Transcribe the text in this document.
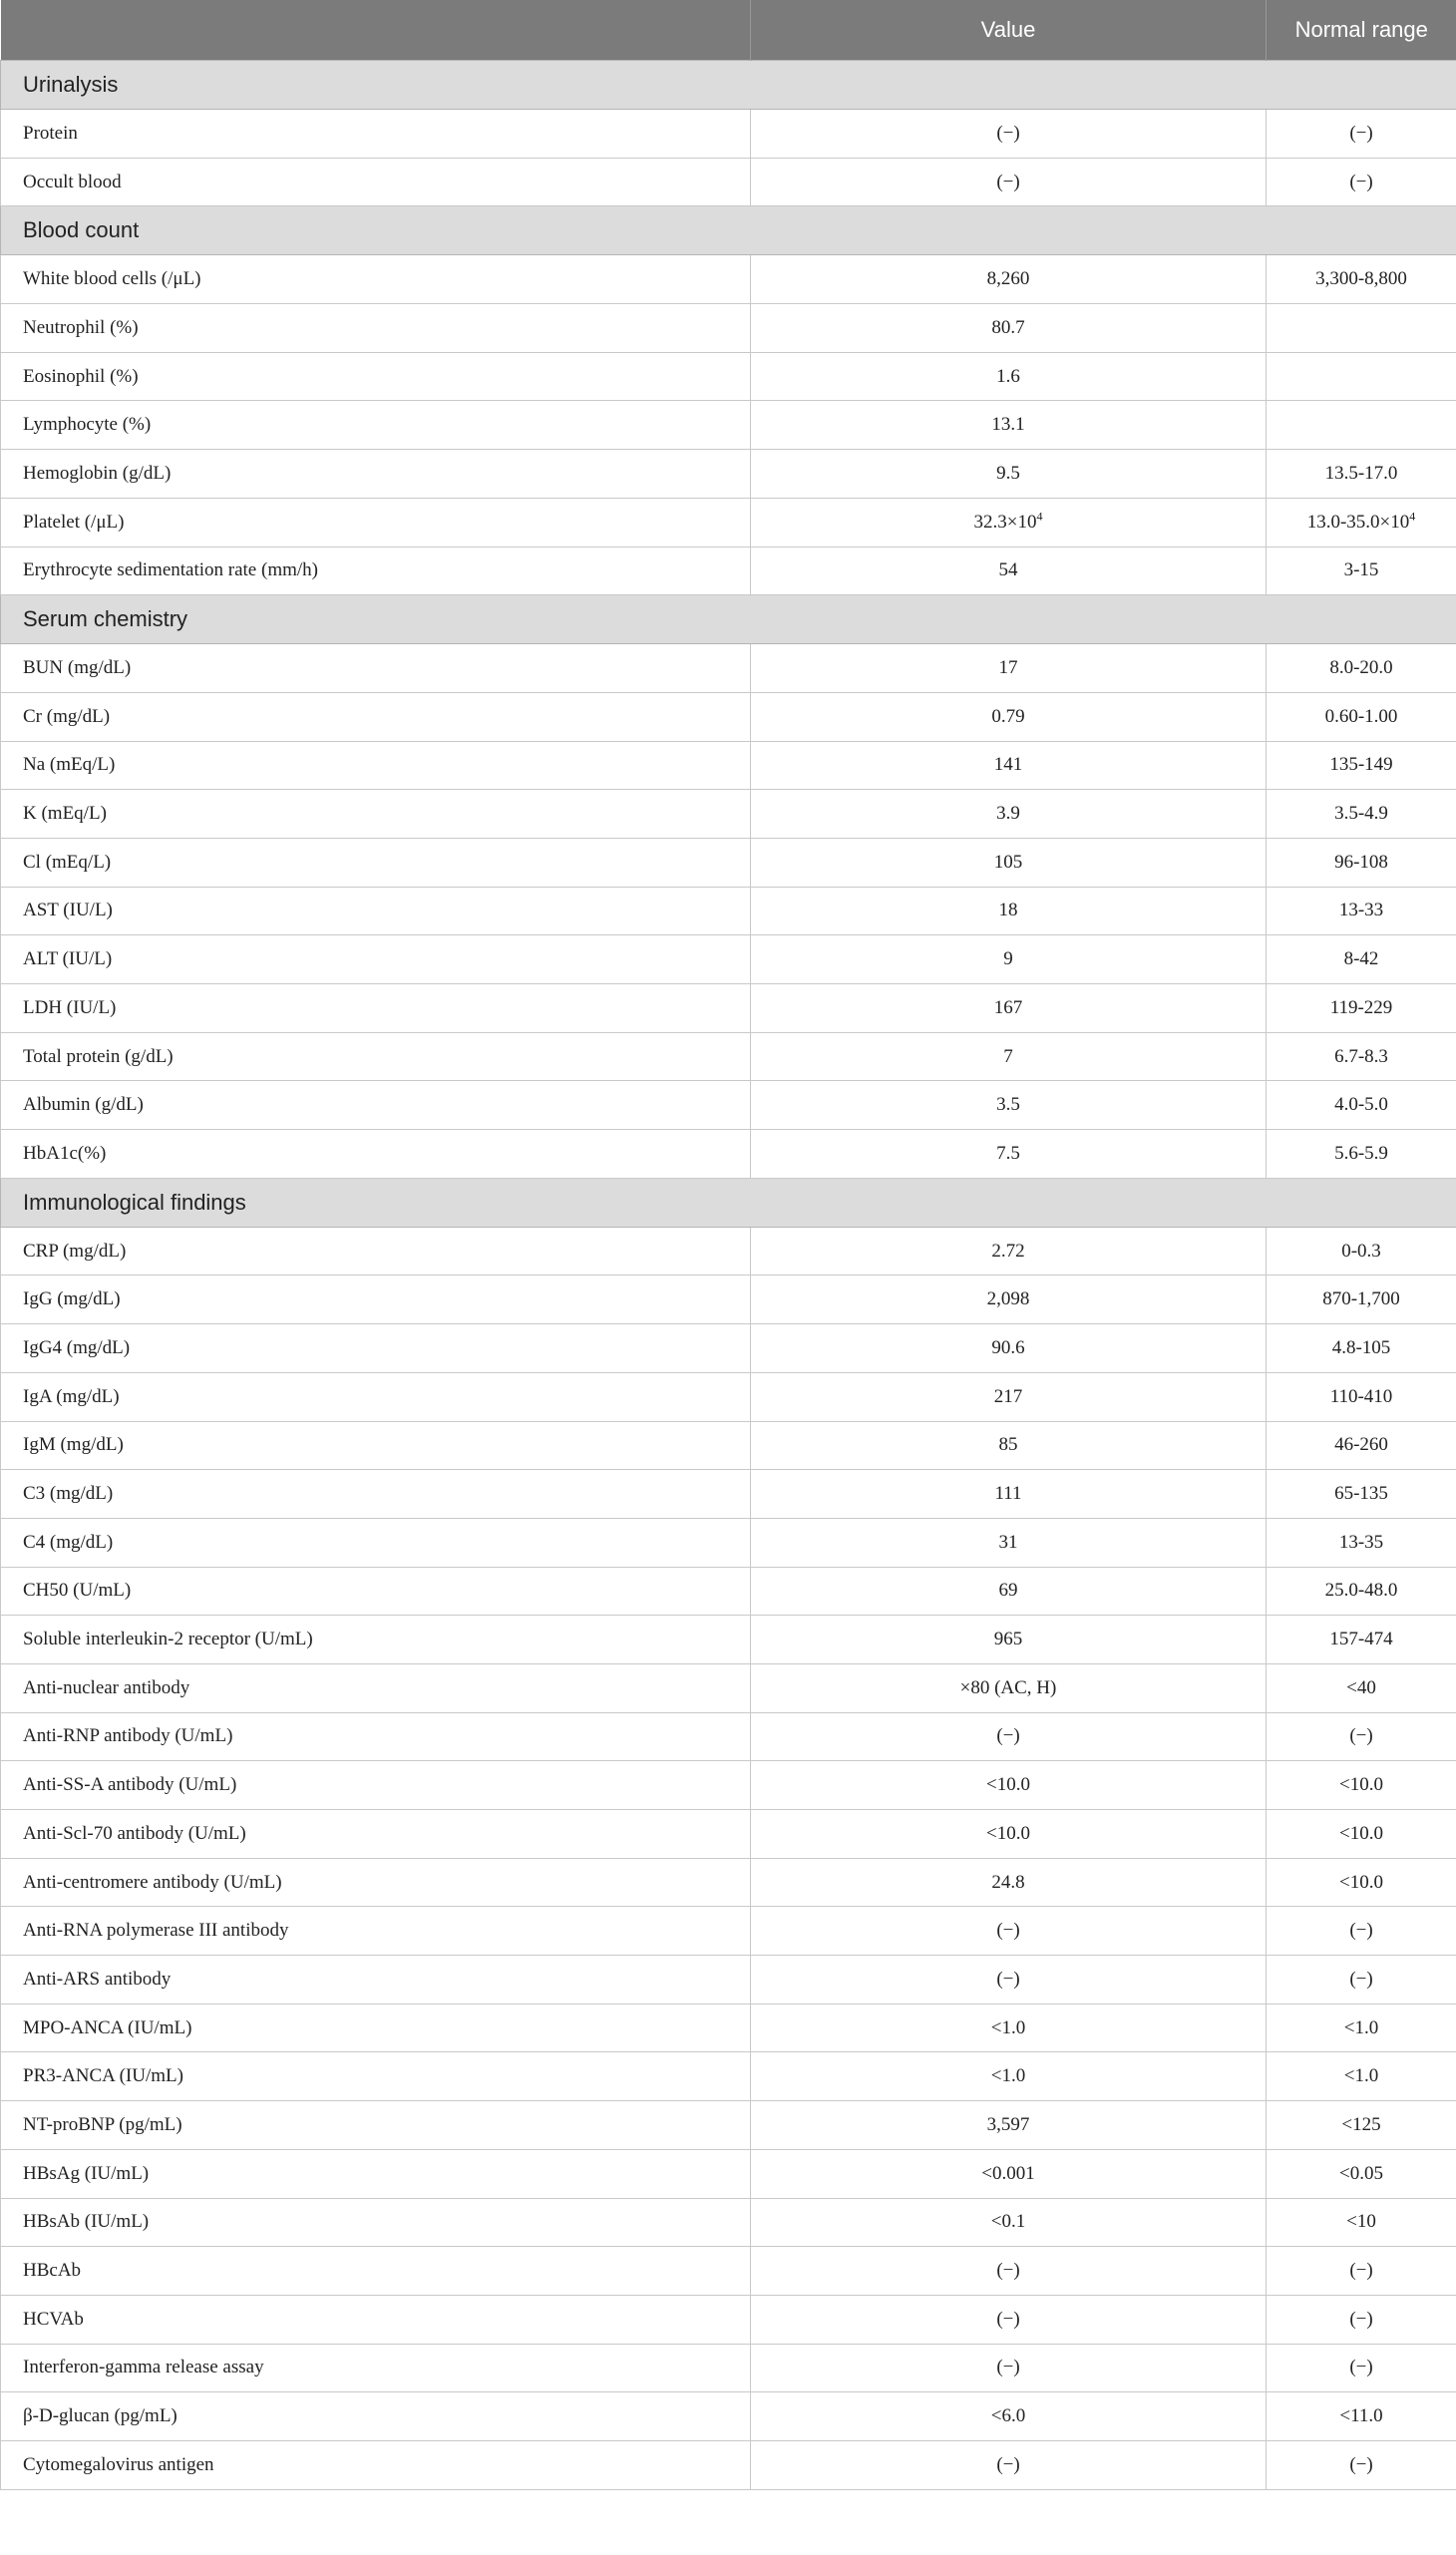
	Value	Normal range
Urinalysis		
Protein	(−)	(−)
Occult blood	(−)	(−)
Blood count		
White blood cells (/μL)	8,260	3,300-8,800
Neutrophil (%)	80.7	
Eosinophil (%)	1.6	
Lymphocyte (%)	13.1	
Hemoglobin (g/dL)	9.5	13.5-17.0
Platelet (/μL)	$32.3\times 10^4$	$13.0-35.0\times 10^4$
Erythrocyte sedimentation rate (mm/h)	54	3-15
Serum chemistry		
BUN (mg/dL)	17	8.0-20.0
Cr (mg/dL)	0.79	0.60-1.00
Na (mEq/L)	141	135-149
K (mEq/L)	3.9	3.5-4.9
Cl (mEq/L)	105	96-108
AST (IU/L)	18	13-33
ALT (IU/L)	9	8-42
LDH (IU/L)	167	119-229
Total protein (g/dL)	7	6.7-8.3
Albumin (g/dL)	3.5	4.0-5.0
HbA1c(%)	7.5	5.6-5.9
Immunological findings		
CRP (mg/dL)	2.72	0-0.3
IgG (mg/dL)	2,098	870-1,700
IgG4 (mg/dL)	90.6	4.8-105
IgA (mg/dL)	217	110-410
IgM (mg/dL)	85	46-260
C3 (mg/dL)	111	65-135
C4 (mg/dL)	31	13-35
CH50 (U/mL)	69	25.0-48.0
Soluble interleukin-2 receptor (U/mL)	965	157-474
Anti-nuclear antibody	×80 (AC, H)	<40
Anti-RNP antibody (U/mL)	(−)	(−)
Anti-SS-A antibody (U/mL)	<10.0	<10.0
Anti-Scl-70 antibody (U/mL)	<10.0	<10.0
Anti-centromere antibody (U/mL)	24.8	<10.0
Anti-RNA polymerase III antibody	(−)	(−)
Anti-ARS antibody	(−)	(−)
MPO-ANCA (IU/mL)	<1.0	<1.0
PR3-ANCA (IU/mL)	<1.0	<1.0
NT-proBNP (pg/mL)	3,597	<125
HBsAg (IU/mL)	<0.001	<0.05
HBsAb (IU/mL)	<0.1	<10
HBcAb	(−)	(−)
HCVAb	(−)	(−)
Interferon-gamma release assay	(−)	(−)
β-D-glucan (pg/mL)	<6.0	<11.0
Cytomegalovirus antigen	(−)	(−)
